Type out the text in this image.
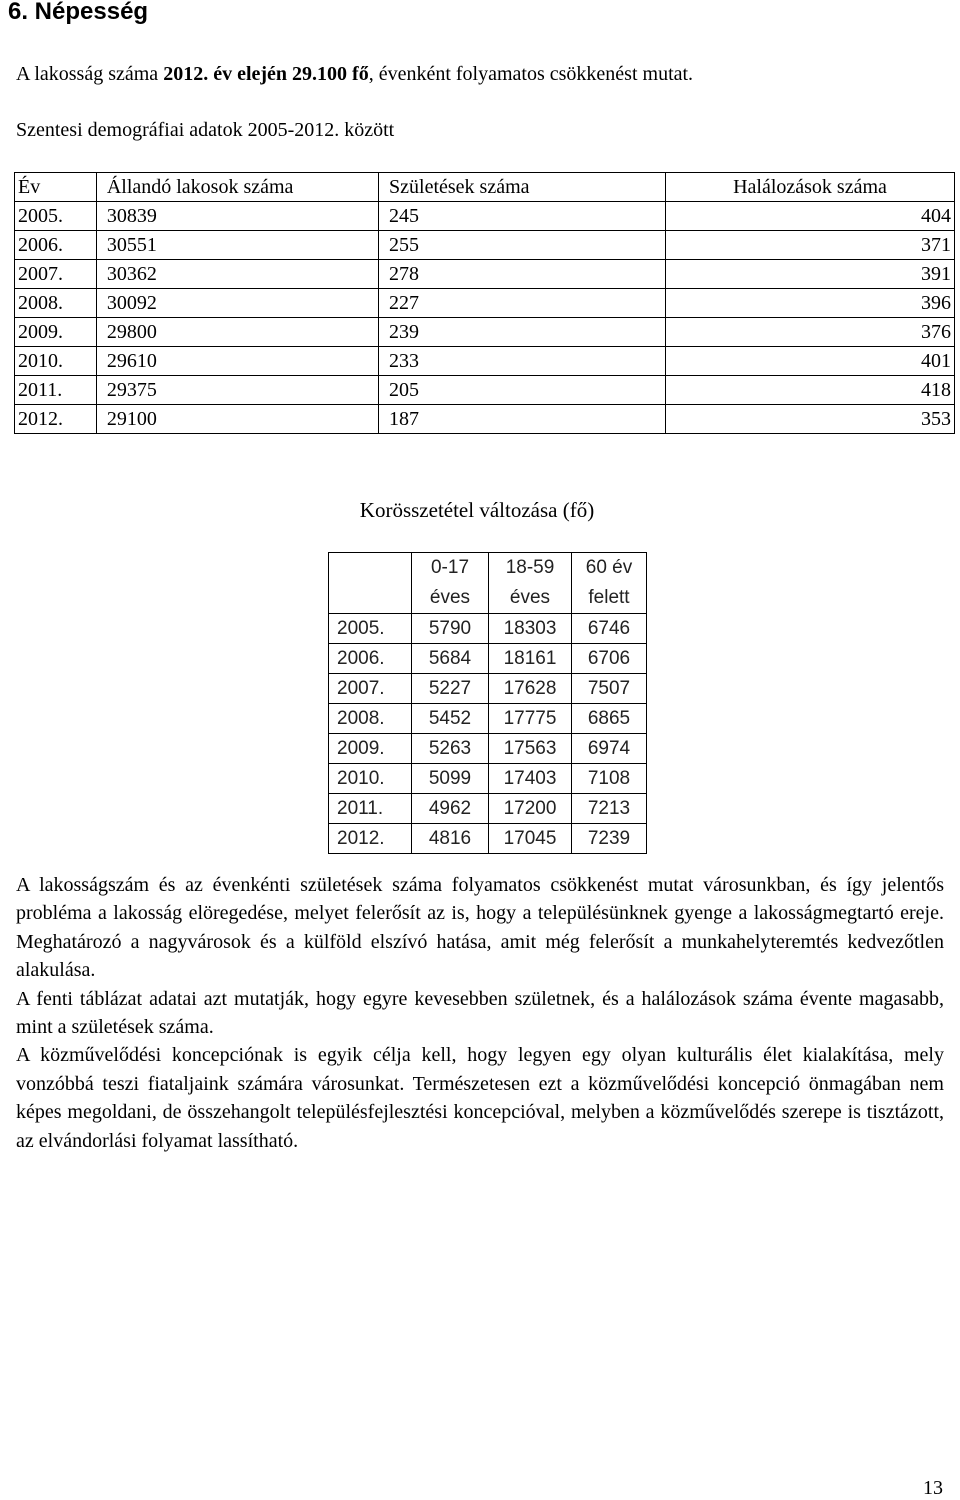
6. Népesség
A lakosság száma 2012. év elején 29.100 fő, évenként folyamatos csökkenést mutat.
Szentesi demográfiai adatok 2005-2012. között
Év	Állandó lakosok száma	Születések száma	Halálozások száma
2005.	30839	245	404
2006.	30551	255	371
2007.	30362	278	391
2008.	30092	227	396
2009.	29800	239	376
2010.	29610	233	401
2011.	29375	205	418
2012.	29100	187	353
Korösszetétel változása (fő)
	0-17	18-59	60 év
	éves	éves	felett
2005.	5790	18303	6746
2006.	5684	18161	6706
2007.	5227	17628	7507
2008.	5452	17775	6865
2009.	5263	17563	6974
2010.	5099	17403	7108
2011.	4962	17200	7213
2012.	4816	17045	7239

A lakosságszám és az évenkénti születések száma folyamatos csökkenést mutat városunkban, és így jelentős probléma a lakosság elöregedése, melyet felerősít az is, hogy a településünknek gyenge a lakosságmegtartó ereje. Meghatározó a nagyvárosok és a külföld elszívó hatása, amit még felerősít a munkahelyteremtés kedvezőtlen alakulása.

A fenti táblázat adatai azt mutatják, hogy egyre kevesebben születnek, és a halálozások száma évente magasabb, mint a születések száma.

A közművelődési koncepciónak is egyik célja kell, hogy legyen egy olyan kulturális élet kialakítása, mely vonzóbbá teszi fiataljaink számára városunkat. Természetesen ezt a közművelődési koncepció önmagában nem képes megoldani, de összehangolt településfejlesztési koncepcióval, melyben a közművelődés szerepe is tisztázott, az elvándorlási folyamat lassítható.

13
